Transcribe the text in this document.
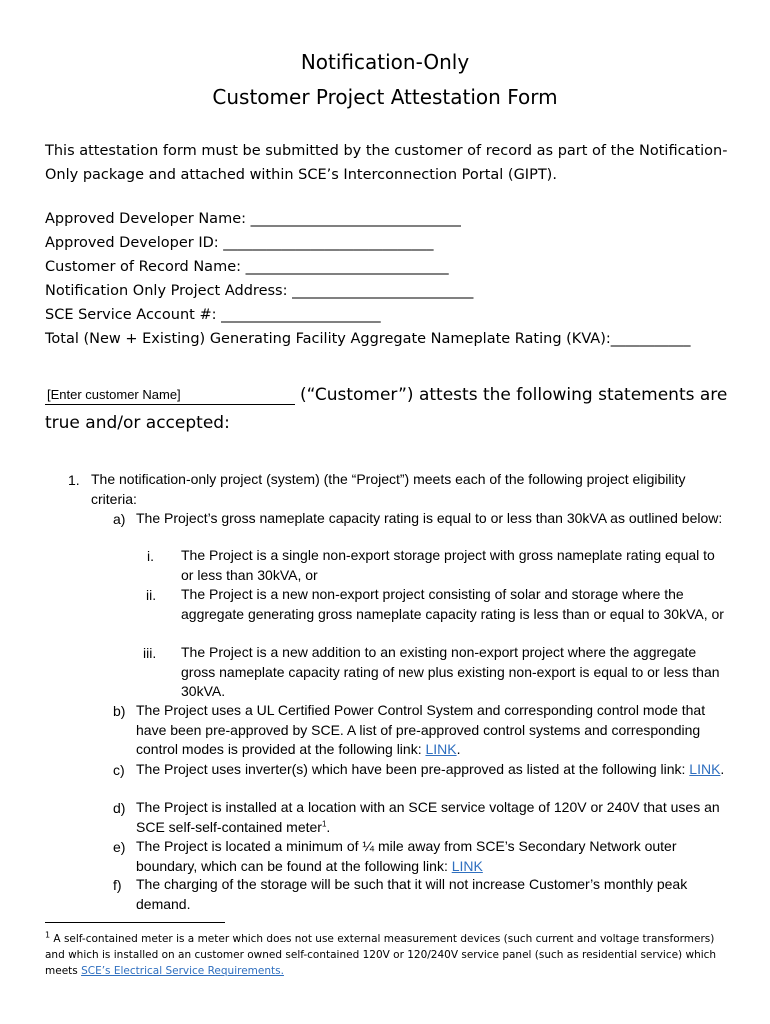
Notification-Only
Customer Project Attestation Form
This attestation form must be submitted by the customer of record as part of the Notification-Only package and attached within SCE’s Interconnection Portal (GIPT).
Approved Developer Name: _____________________________
Approved Developer ID: _____________________________
Customer of Record Name: ____________________________
Notification Only Project Address: _________________________
SCE Service Account #: ______________________
Total (New + Existing) Generating Facility Aggregate Nameplate Rating (KVA):___________
[Enter customer Name]	(“Customer”) attests the following statements are
true and/or accepted:
1. The notification-only project (system) (the “Project”) meets each of the following project eligibility criteria:
a) The Project’s gross nameplate capacity rating is equal to or less than 30kVA as outlined below:
i. The Project is a single non-export storage project with gross nameplate rating equal to or less than 30kVA, or
ii. The Project is a new non-export project consisting of solar and storage where the aggregate generating gross nameplate capacity rating is less than or equal to 30kVA, or
iii. The Project is a new addition to an existing non-export project where the aggregate gross nameplate capacity rating of new plus existing non-export is equal to or less than 30kVA.
b) The Project uses a UL Certified Power Control System and corresponding control mode that have been pre-approved by SCE. A list of pre-approved control systems and corresponding control modes is provided at the following link: LINK.
c) The Project uses inverter(s) which have been pre-approved as listed at the following link: LINK.
d) The Project is installed at a location with an SCE service voltage of 120V or 240V that uses an SCE self-self-contained meter$^1$.
e) The Project is located a minimum of ¼ mile away from SCE’s Secondary Network outer boundary, which can be found at the following link: LINK
f) The charging of the storage will be such that it will not increase Customer’s monthly peak demand.
$^1$ A self-contained meter is a meter which does not use external measurement devices (such current and voltage transformers) and which is installed on an customer owned self-contained 120V or 120/240V service panel (such as residential service) which meets SCE’s Electrical Service Requirements.
